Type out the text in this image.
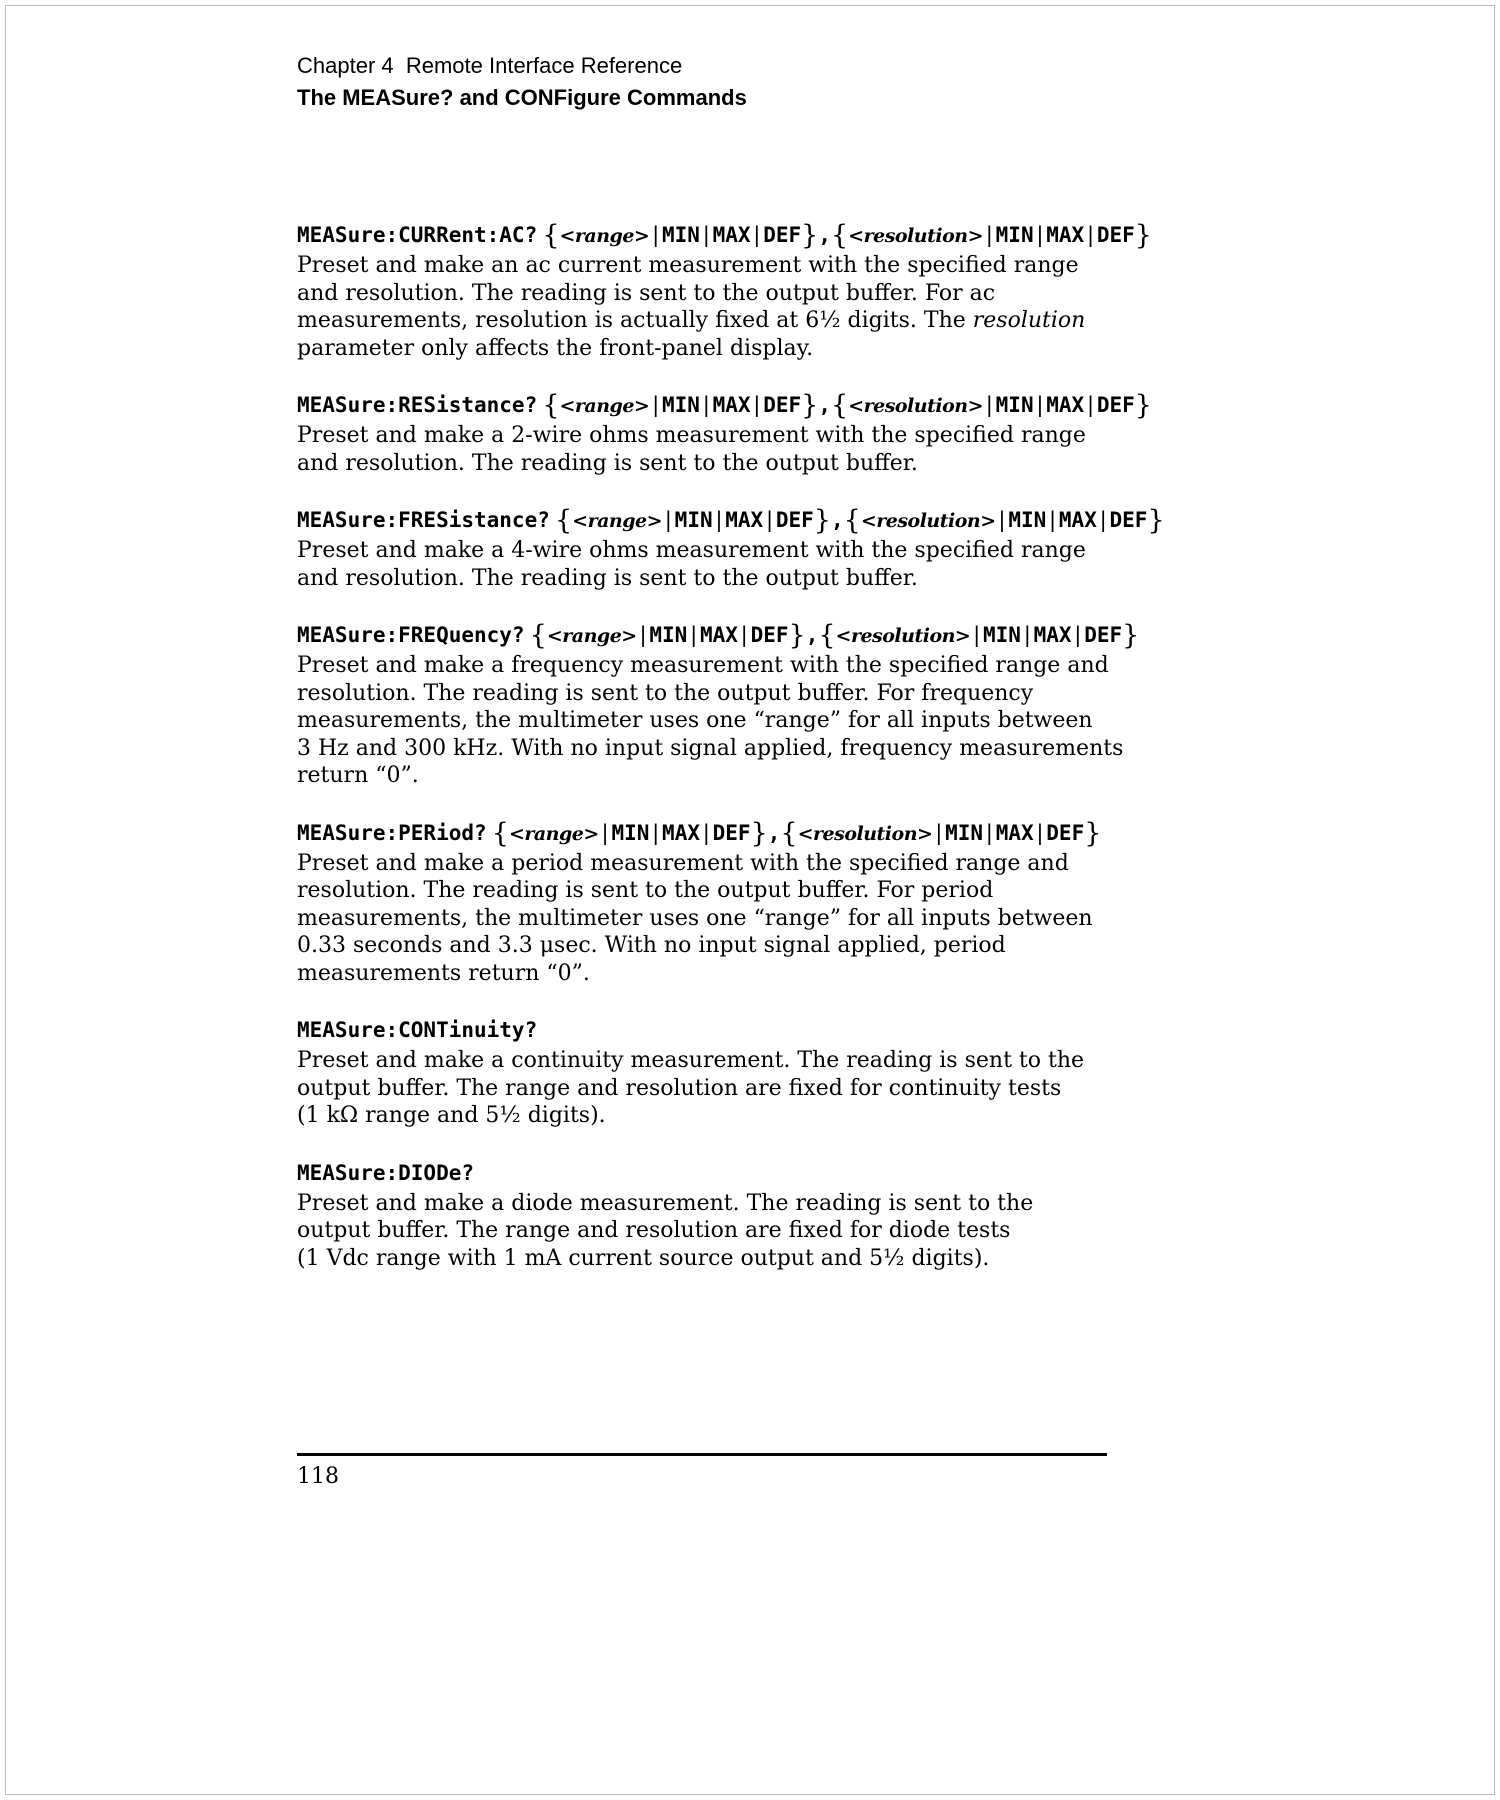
Chapter 4  Remote Interface Reference
The MEASure? and CONFigure Commands
MEASure:CURRent:AC? {<range>|MIN|MAX|DEF},{<resolution>|MIN|MAX|DEF}
Preset and make an ac current measurement with the specified range
and resolution. The reading is sent to the output buffer. For ac
measurements, resolution is actually fixed at 6½ digits. The resolution
parameter only affects the front-panel display.
MEASure:RESistance? {<range>|MIN|MAX|DEF},{<resolution>|MIN|MAX|DEF}
Preset and make a 2-wire ohms measurement with the specified range
and resolution. The reading is sent to the output buffer.
MEASure:FRESistance? {<range>|MIN|MAX|DEF},{<resolution>|MIN|MAX|DEF}
Preset and make a 4-wire ohms measurement with the specified range
and resolution. The reading is sent to the output buffer.
MEASure:FREQuency? {<range>|MIN|MAX|DEF},{<resolution>|MIN|MAX|DEF}
Preset and make a frequency measurement with the specified range and
resolution. The reading is sent to the output buffer. For frequency
measurements, the multimeter uses one “range” for all inputs between
3 Hz and 300 kHz. With no input signal applied, frequency measurements
return “0”.
MEASure:PERiod? {<range>|MIN|MAX|DEF},{<resolution>|MIN|MAX|DEF}
Preset and make a period measurement with the specified range and
resolution. The reading is sent to the output buffer. For period
measurements, the multimeter uses one “range” for all inputs between
0.33 seconds and 3.3 μsec. With no input signal applied, period
measurements return “0”.
MEASure:CONTinuity?
Preset and make a continuity measurement. The reading is sent to the
output buffer. The range and resolution are fixed for continuity tests
(1 kΩ range and 5½ digits).
MEASure:DIODe?
Preset and make a diode measurement. The reading is sent to the
output buffer. The range and resolution are fixed for diode tests
(1 Vdc range with 1 mA current source output and 5½ digits).
118
